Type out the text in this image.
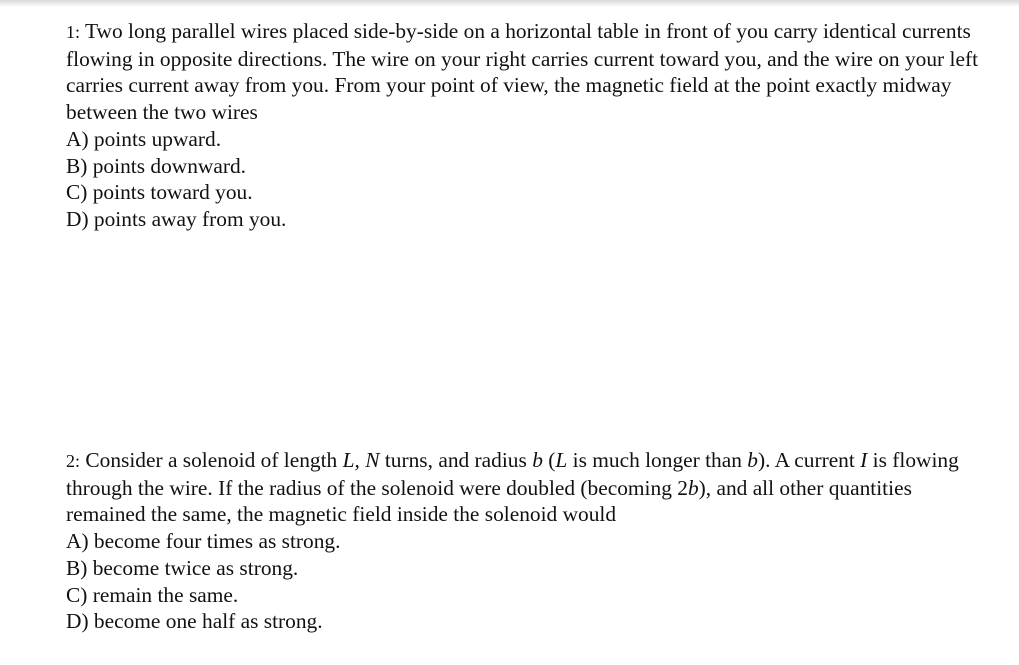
1: Two long parallel wires placed side-by-side on a horizontal table in front of you carry identical currents flowing in opposite directions. The wire on your right carries current toward you, and the wire on your left carries current away from you. From your point of view, the magnetic field at the point exactly midway between the two wires

A) points upward.
B) points downward.
C) points toward you.
D) points away from you.

2: Consider a solenoid of length L, N turns, and radius b (L is much longer than b). A current I is flowing through the wire. If the radius of the solenoid were doubled (becoming 2b), and all other quantities remained the same, the magnetic field inside the solenoid would

A) become four times as strong.
B) become twice as strong.
C) remain the same.
D) become one half as strong.
